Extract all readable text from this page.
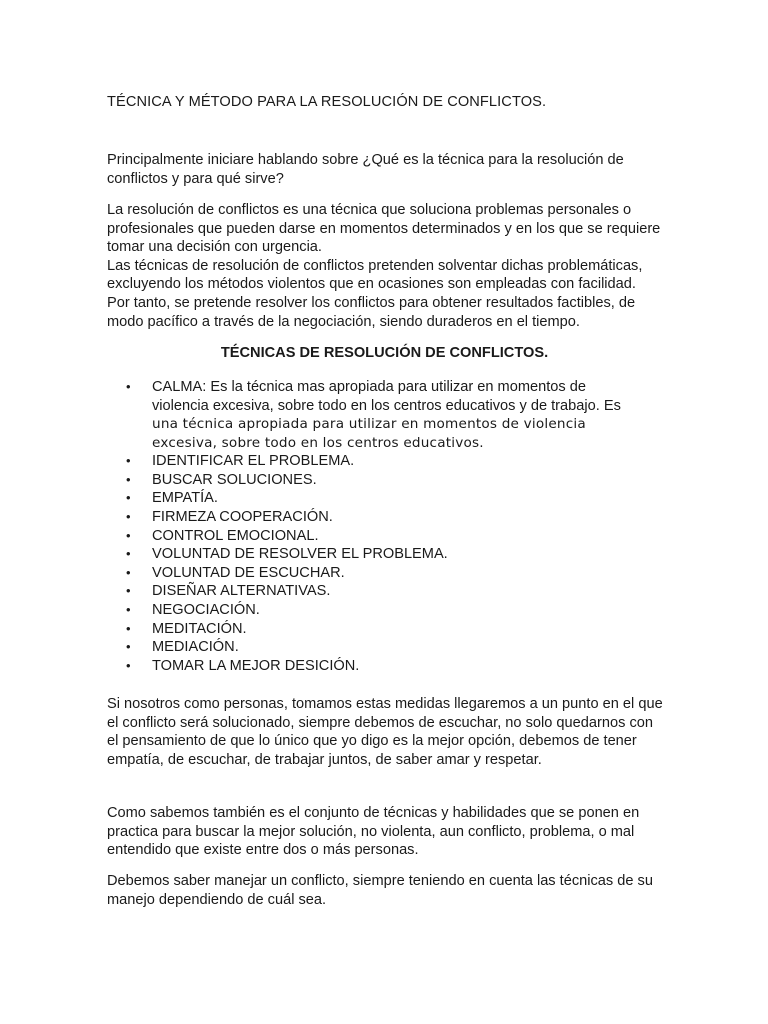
TÉCNICA Y MÉTODO PARA LA RESOLUCIÓN DE CONFLICTOS.

Principalmente iniciare hablando sobre ¿Qué es la técnica para la resolución de conflictos y para qué sirve?

La resolución de conflictos es una técnica que soluciona problemas personales o profesionales que pueden darse en momentos determinados y en los que se requiere tomar una decisión con urgencia.
Las técnicas de resolución de conflictos pretenden solventar dichas problemáticas, excluyendo los métodos violentos que en ocasiones son empleadas con facilidad.
Por tanto, se pretende resolver los conflictos para obtener resultados factibles, de modo pacífico a través de la negociación, siendo duraderos en el tiempo.

TÉCNICAS DE RESOLUCIÓN DE CONFLICTOS.
• CALMA: Es la técnica mas apropiada para utilizar en momentos de violencia excesiva, sobre todo en los centros educativos y de trabajo. Es
una técnica apropiada para utilizar en momentos de violencia excesiva, sobre todo en los centros educativos.
• IDENTIFICAR EL PROBLEMA.
• BUSCAR SOLUCIONES.
• EMPATÍA.
• FIRMEZA COOPERACIÓN.
• CONTROL EMOCIONAL.
• VOLUNTAD DE RESOLVER EL PROBLEMA.
• VOLUNTAD DE ESCUCHAR.
• DISEÑAR ALTERNATIVAS.
• NEGOCIACIÓN.
• MEDITACIÓN.
• MEDIACIÓN.
• TOMAR LA MEJOR DESICIÓN.

Si nosotros como personas, tomamos estas medidas llegaremos a un punto en el que el conflicto será solucionado, siempre debemos de escuchar, no solo quedarnos con el pensamiento de que lo único que yo digo es la mejor opción, debemos de tener empatía, de escuchar, de trabajar juntos, de saber amar y respetar.

Como sabemos también es el conjunto de técnicas y habilidades que se ponen en practica para buscar la mejor solución, no violenta, aun conflicto, problema, o mal entendido que existe entre dos o más personas.

Debemos saber manejar un conflicto, siempre teniendo en cuenta las técnicas de su manejo dependiendo de cuál sea.
